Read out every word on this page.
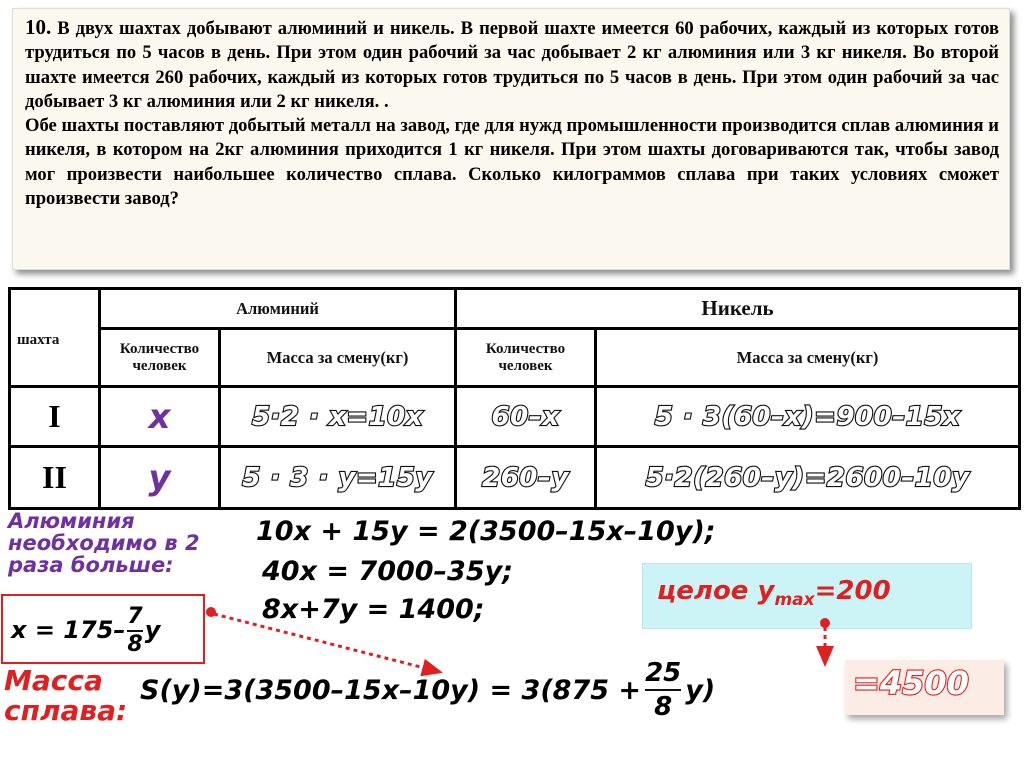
10. В двух шахтах добывают алюминий и никель. В первой шахте имеется 60 рабочих, каждый из которых готов трудиться по 5 часов в день. При этом один рабочий за час добывает 2 кг алюминия или 3 кг никеля. Во второй шахте имеется 260 рабочих, каждый из которых готов трудиться по 5 часов в день. При этом один рабочий за час добывает 3 кг алюминия или 2 кг никеля. .

Обе шахты поставляют добытый металл на завод, где для нужд промышленности производится сплав алюминия и никеля, в котором на 2кг алюминия приходится 1 кг никеля. При этом шахты договариваются так, чтобы завод мог произвести наибольшее количество сплава. Сколько килограммов сплава при таких условиях сможет произвести завод?

шахта	Алюминий		Никель	
	Количество человек	Масса за смену(кг)	Количество человек	Масса за смену(кг)
I	x	5·2 · x=10x	60–x	5 · 3(60–x)=900–15x
II	y	5 · 3 · y=15y	260–y	5·2(260–y)=2600–10y
Алюминия
необходимо в 2
раза больше:
10x + 15y = 2(3500–15x–10y);
40x = 7000–35y;
8x+7y = 1400;
$x = 175- \frac{7}{8}$ y
Масса
сплава:
$S(y)=3(3500-15x-10y) = 3(875 + \frac{25}{8} y)$
целое $y_{max}=200$
=4500
